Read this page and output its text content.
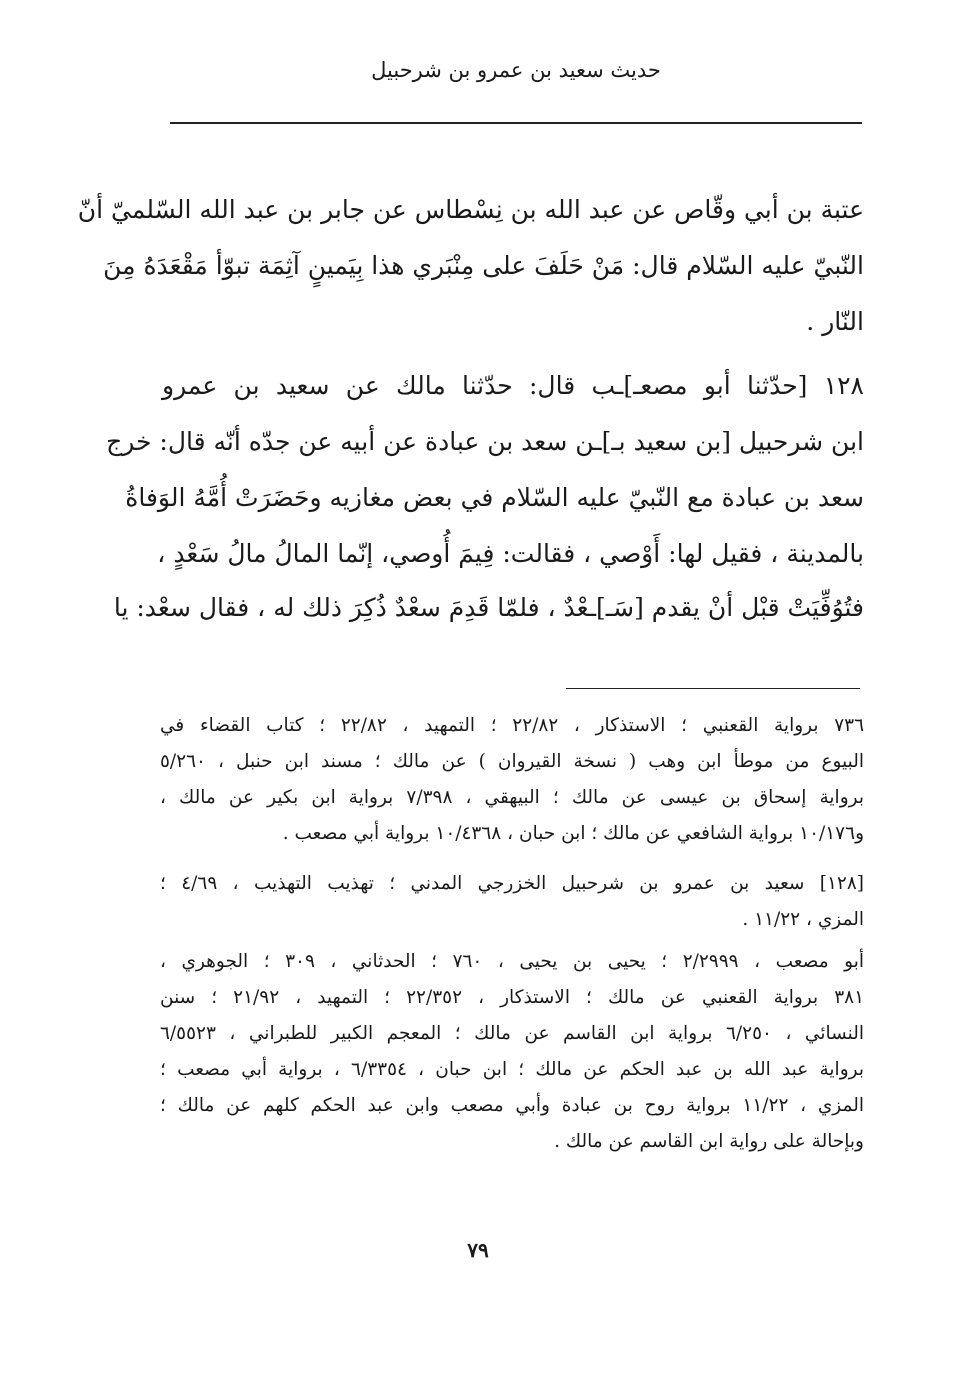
حديث سعيد بن عمرو بن شرحبيل
عتبة بن أبي وقّاص عن عبد الله بن نِسْطاس عن جابر بن عبد الله السّلميّ أنّ
النّبيّ عليه السّلام قال: مَنْ حَلَفَ على مِنْبَري هذا بِيَمينٍ آثِمَة تبوّأ مَقْعَدَهُ مِنَ
النّار .
١٢٨ [حدّثنا أبو مصعـ]ـب قال: حدّثنا مالك عن سعيد بن عمرو
ابن شرحبيل [بن سعيد بـ]ـن سعد بن عبادة عن أبيه عن جدّه أنّه قال: خرج
سعد بن عبادة مع النّبيّ عليه السّلام في بعض مغازيه وحَضَرَتْ أُمَّهُ الوَفاةُ
بالمدينة ، فقيل لها: أَوْصي ، فقالت: فِيمَ أُوصي، إنّما المالُ مالُ سَعْدٍ ،
فتُوُفِّيَتْ قبْل أنْ يقدم [سَـ]ـعْدٌ ، فلمّا قَدِمَ سعْدٌ ذُكِرَ ذلك له ، فقال سعْد: يا
٧٣٦ برواية القعنبي ؛ الاستذكار ، ٢٢/٨٢ ؛ التمهيد ، ٢٢/٨٢ ؛ كتاب القضاء في
البيوع من موطأ ابن وهب ( نسخة القيروان ) عن مالك ؛ مسند ابن حنبل ، ٥/٢٦٠
برواية إسحاق بن عيسى عن مالك ؛ البيهقي ، ٧/٣٩٨ برواية ابن بكير عن مالك ،
و١٠/١٧٦ برواية الشافعي عن مالك ؛ ابن حبان ، ١٠/٤٣٦٨ برواية أبي مصعب .
[١٢٨] سعيد بن عمرو بن شرحبيل الخزرجي المدني ؛ تهذيب التهذيب ، ٤/٦٩ ؛
المزي ، ١١/٢٢ .
أبو مصعب ، ٢/٢٩٩٩ ؛ يحيى بن يحيى ، ٧٦٠ ؛ الحدثاني ، ٣٠٩ ؛ الجوهري ،
٣٨١ برواية القعنبي عن مالك ؛ الاستذكار ، ٢٢/٣٥٢ ؛ التمهيد ، ٢١/٩٢ ؛ سنن
النسائي ، ٦/٢٥٠ برواية ابن القاسم عن مالك ؛ المعجم الكبير للطبراني ، ٦/٥٥٢٣
برواية عبد الله بن عبد الحكم عن مالك ؛ ابن حبان ، ٦/٣٣٥٤ ، برواية أبي مصعب ؛
المزي ، ١١/٢٢ برواية روح بن عبادة وأبي مصعب وابن عبد الحكم كلهم عن مالك ؛
وبإحالة على رواية ابن القاسم عن مالك .
٧٩
